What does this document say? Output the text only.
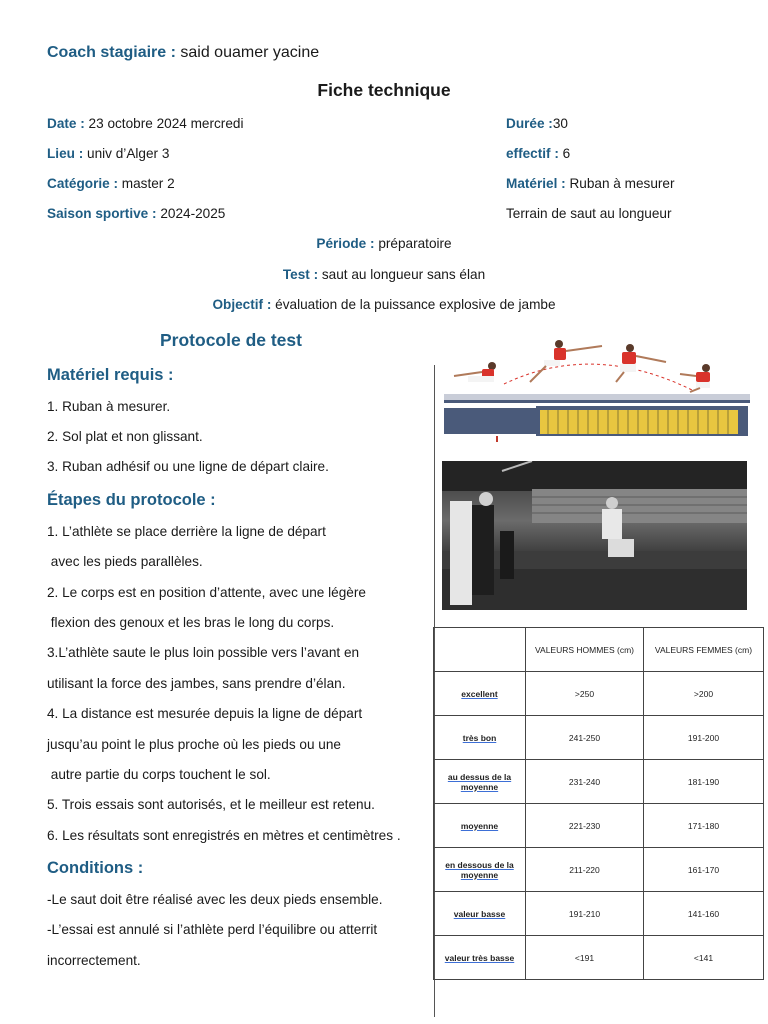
Coach stagiaire : said ouamer yacine
Fiche technique
Date : 23 octobre 2024 mercredi	Durée :30
Lieu : univ d’Alger 3	effectif : 6
Catégorie : master 2	Matériel : Ruban à mesurer
Saison sportive : 2024-2025	Terrain de saut au longueur
Période : préparatoire
Test : saut au longueur sans élan
Objectif : évaluation de la puissance explosive de jambe
Protocole de test
Matériel requis :
1. Ruban à mesurer.
2. Sol plat et non glissant.
3. Ruban adhésif ou une ligne de départ claire.
Étapes du protocole :
1. L’athlète se place derrière la ligne de départ
avec les pieds parallèles.
2. Le corps est en position d’attente, avec une légère
flexion des genoux et les bras le long du corps.
3.L’athlète saute le plus loin possible vers l’avant en
utilisant la force des jambes, sans prendre d’élan.
4. La distance est mesurée depuis la ligne de départ
jusqu’au point le plus proche où les pieds ou une
autre partie du corps touchent le sol.
5. Trois essais sont autorisés, et le meilleur est retenu.
6. Les résultats sont enregistrés en mètres et centimètres .
Conditions :
-Le saut doit être réalisé avec les deux pieds ensemble.
-L’essai est annulé si l’athlète perd l’équilibre ou atterrit
incorrectement.
	VALEURS HOMMES (cm)	VALEURS FEMMES (cm)
excellent	>250	>200
très bon	241-250	191-200
au dessus de la moyenne	231-240	181-190
moyenne	221-230	171-180
en dessous de la moyenne	211-220	161-170
valeur basse	191-210	141-160
valeur très basse	<191	<141
